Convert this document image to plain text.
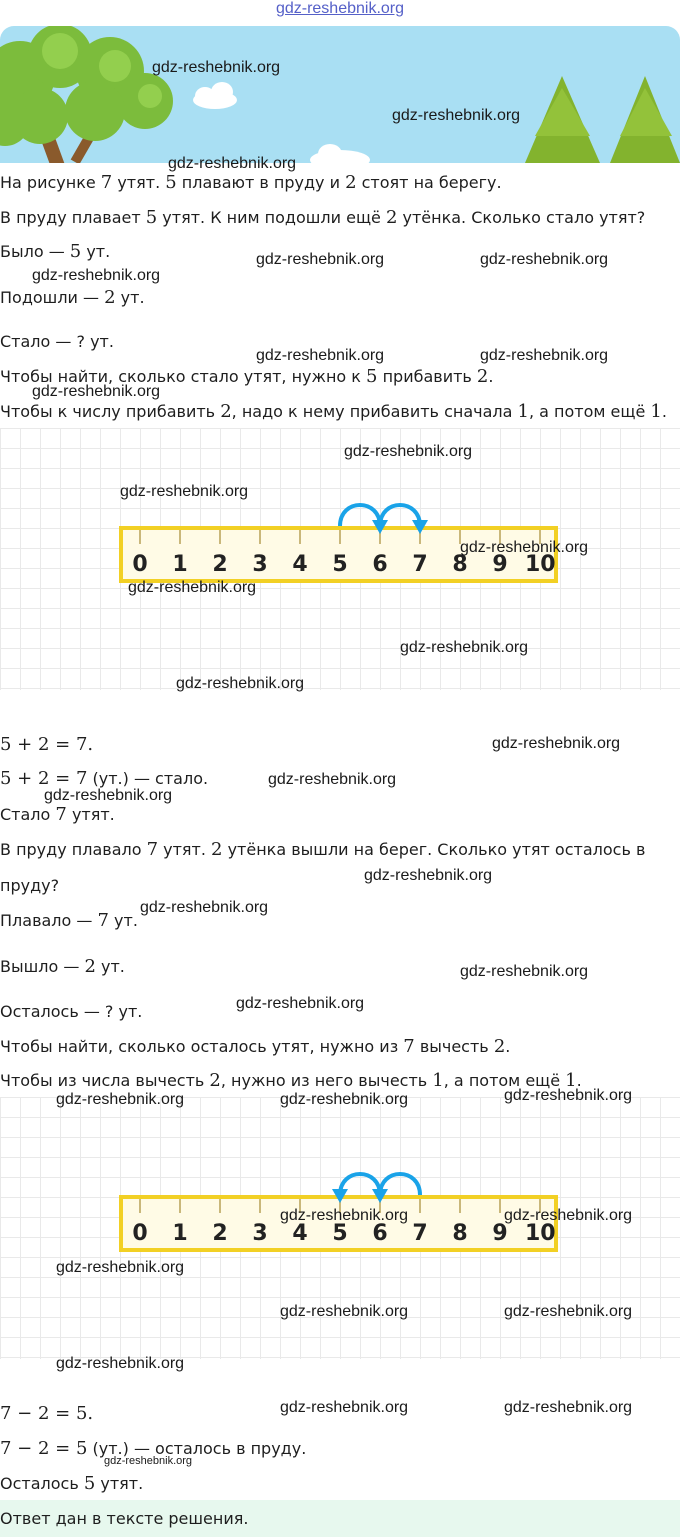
gdz-reshebnik.org
На рисунке 7 утят. 5 плавают в пруду и 2 стоят на берегу.
В пруду плавает 5 утят. К ним подошли ещё 2 утёнка. Сколько стало утят?
Было — 5 ут.
Подошли — 2 ут.
Стало — ? ут.
Чтобы найти, сколько стало утят, нужно к 5 прибавить 2.
Чтобы к числу прибавить 2, надо к нему прибавить сначала 1, а потом ещё 1.
0	1	2	3	4	5	6	7	8	9 10
5 + 2 = 7.
5 + 2 = 7 (ут.) — стало.
Стало 7 утят.
В пруду плавало 7 утят. 2 утёнка вышли на берег. Сколько утят осталось в
пруду?
Плавало — 7 ут.
Вышло — 2 ут.
Осталось — ? ут.
Чтобы найти, сколько осталось утят, нужно из 7 вычесть 2.
Чтобы из числа вычесть 2, нужно из него вычесть 1, а потом ещё 1.
0	1	2	3	4	5	6	7	8	9 10
7 − 2 = 5.
7 − 2 = 5 (ут.) — осталось в пруду.
Осталось 5 утят.
Ответ дан в тексте решения.
gdz-reshebnik.org
gdz-reshebnik.org
gdz-reshebnik.org
gdz-reshebnik.org	gdz-reshebnik.org
gdz-reshebnik.org
gdz-reshebnik.org	gdz-reshebnik.org
gdz-reshebnik.org
gdz-reshebnik.org
gdz-reshebnik.org
gdz-reshebnik.org
gdz-reshebnik.org
gdz-reshebnik.org
gdz-reshebnik.org
gdz-reshebnik.org
gdz-reshebnik.org
gdz-reshebnik.org
gdz-reshebnik.org
gdz-reshebnik.org
gdz-reshebnik.org
gdz-reshebnik.org
gdz-reshebnik.org	gdz-reshebnik.org	gdz-reshebnik.org
gdz-reshebnik.org	gdz-reshebnik.org
gdz-reshebnik.org
gdz-reshebnik.org	gdz-reshebnik.org
gdz-reshebnik.org
gdz-reshebnik.org	gdz-reshebnik.org
gdz-reshebnik.org
